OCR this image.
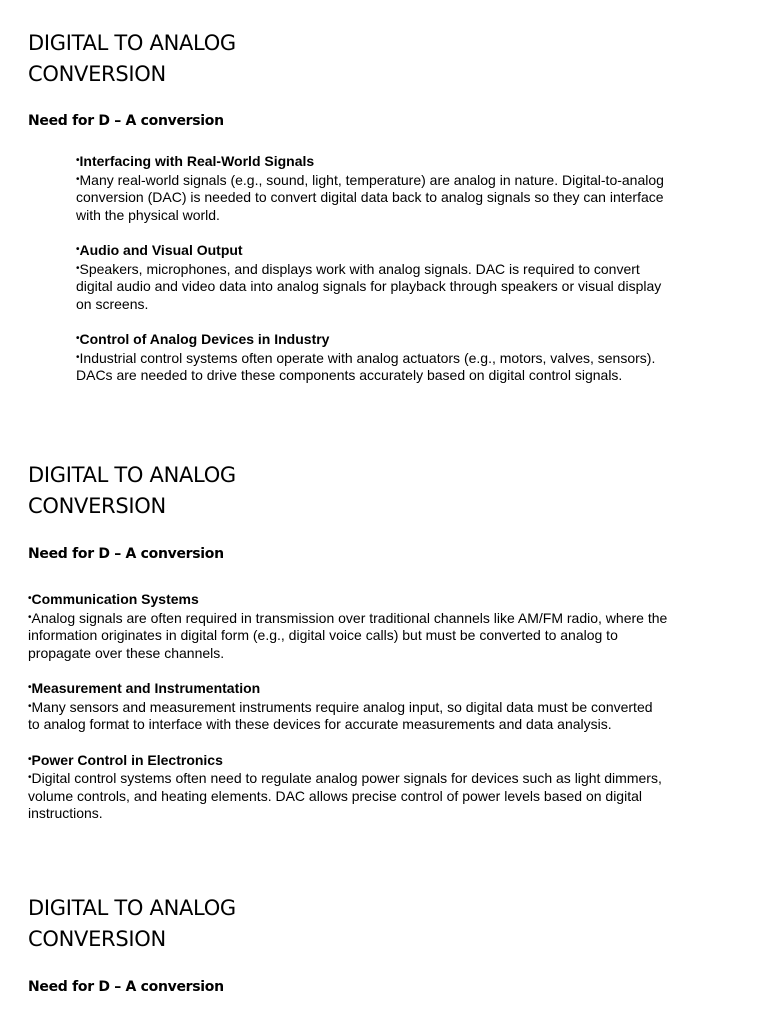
DIGITAL TO ANALOG
CONVERSION

Need for D – A conversion

•Interfacing with Real-World Signals
•Many real-world signals (e.g., sound, light, temperature) are analog in nature. Digital-to-analog conversion (DAC) is needed to convert digital data back to analog signals so they can interface with the physical world.
•Audio and Visual Output
•Speakers, microphones, and displays work with analog signals. DAC is required to convert digital audio and video data into analog signals for playback through speakers or visual display on screens.
•Control of Analog Devices in Industry
•Industrial control systems often operate with analog actuators (e.g., motors, valves, sensors). DACs are needed to drive these components accurately based on digital control signals.
DIGITAL TO ANALOG
CONVERSION

Need for D – A conversion

•Communication Systems
•Analog signals are often required in transmission over traditional channels like AM/FM radio, where the information originates in digital form (e.g., digital voice calls) but must be converted to analog to propagate over these channels.
•Measurement and Instrumentation
•Many sensors and measurement instruments require analog input, so digital data must be converted to analog format to interface with these devices for accurate measurements and data analysis.
•Power Control in Electronics
•Digital control systems often need to regulate analog power signals for devices such as light dimmers, volume controls, and heating elements. DAC allows precise control of power levels based on digital instructions.
DIGITAL TO ANALOG
CONVERSION

Need for D – A conversion
